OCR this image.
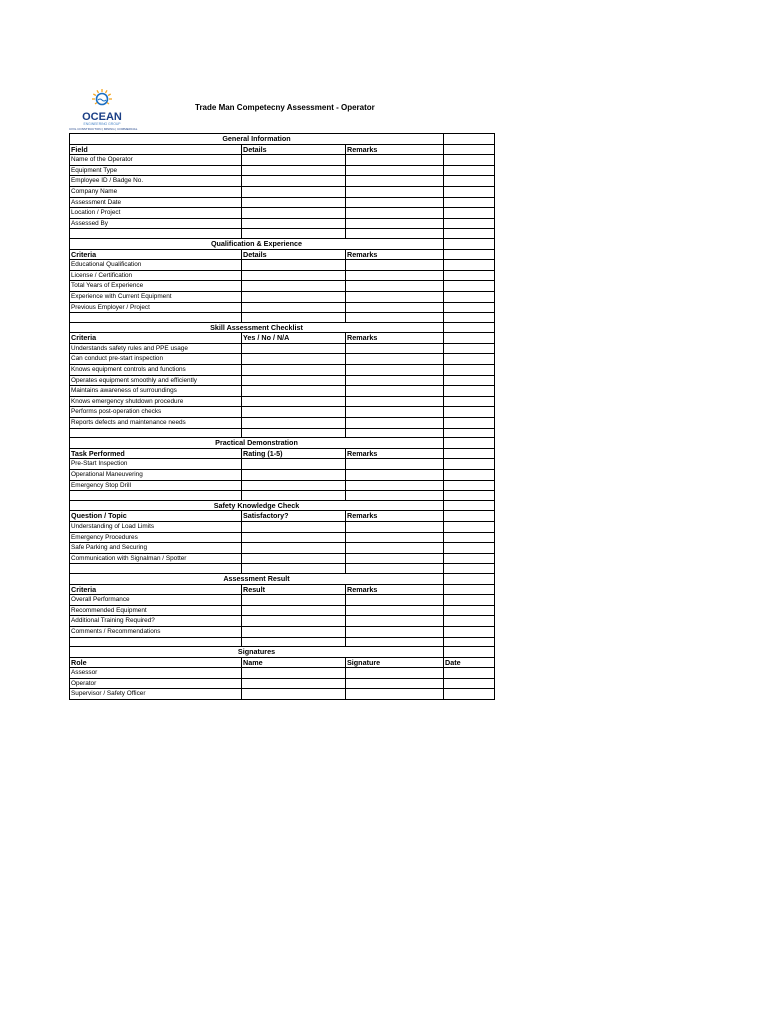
OCEAN
ENGINEERING GROUP
CIVIL CONSTRUCTION | MINING | COMMERCIAL
Trade Man Competecny Assessment - Operator
General Information			
Field	Details	Remarks	
Name of the Operator			
Equipment Type			
Employee ID / Badge No.			
Company Name			
Assessment Date			
Location / Project			
Assessed By			

Qualification & Experience			
Criteria	Details	Remarks	
Educational Qualification			
License / Certification			
Total Years of Experience			
Experience with Current Equipment			
Previous Employer / Project			

Skill Assessment Checklist			
Criteria	Yes / No / N/A	Remarks	
Understands safety rules and PPE usage			
Can conduct pre-start inspection			
Knows equipment controls and functions			
Operates equipment smoothly and efficiently			
Maintains awareness of surroundings			
Knows emergency shutdown procedure			
Performs post-operation checks			
Reports defects and maintenance needs			

Practical Demonstration			
Task Performed	Rating (1-5)	Remarks	
Pre-Start Inspection			
Operational Maneuvering			
Emergency Stop Drill			

Safety Knowledge Check			
Question / Topic	Satisfactory?	Remarks	
Understanding of Load Limits			
Emergency Procedures			
Safe Parking and Securing			
Communication with Signalman / Spotter			

Assessment Result			
Criteria	Result	Remarks	
Overall Performance			
Recommended Equipment			
Additional Training Required?			
Comments / Recommendations			

Signatures			
Role	Name	Signature	Date
Assessor			
Operator			
Supervisor / Safety Officer			
